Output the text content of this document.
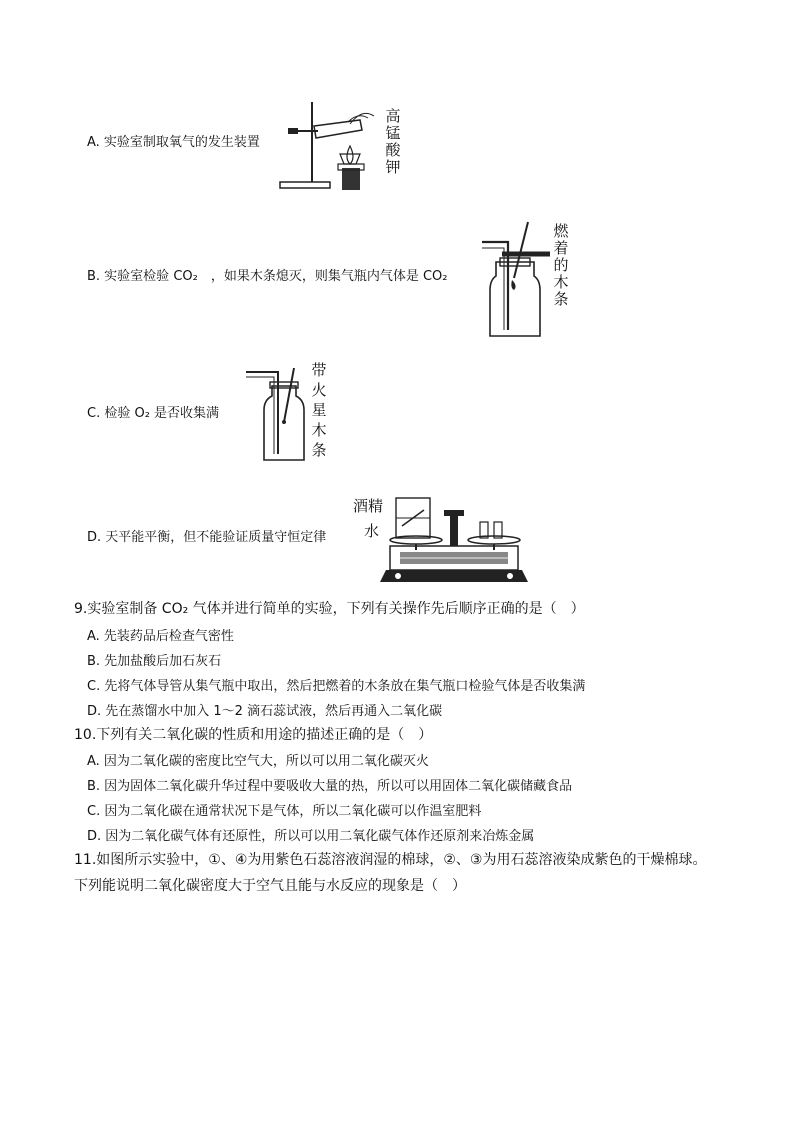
A. 实验室制取氧气的发生装置
高锰酸钾
B. 实验室检验 CO₂　，如果木条熄灭，则集气瓶内气体是 CO₂
燃着的木条
C. 检验 O₂ 是否收集满
带火星木条
D. 天平能平衡，但不能验证质量守恒定律
酒精
水
9.实验室制备 CO₂ 气体并进行简单的实验，下列有关操作先后顺序正确的是（　）
A. 先装药品后检查气密性
B. 先加盐酸后加石灰石
C. 先将气体导管从集气瓶中取出，然后把燃着的木条放在集气瓶口检验气体是否收集满
D. 先在蒸馏水中加入 1～2 滴石蕊试液，然后再通入二氧化碳
10.下列有关二氧化碳的性质和用途的描述正确的是（　）
A. 因为二氧化碳的密度比空气大，所以可以用二氧化碳灭火
B. 因为固体二氧化碳升华过程中要吸收大量的热，所以可以用固体二氧化碳储藏食品
C. 因为二氧化碳在通常状况下是气体，所以二氧化碳可以作温室肥料
D. 因为二氧化碳气体有还原性，所以可以用二氧化碳气体作还原剂来冶炼金属
11.如图所示实验中，①、④为用紫色石蕊溶液润湿的棉球，②、③为用石蕊溶液染成紫色的干燥棉球。
下列能说明二氧化碳密度大于空气且能与水反应的现象是（　）
